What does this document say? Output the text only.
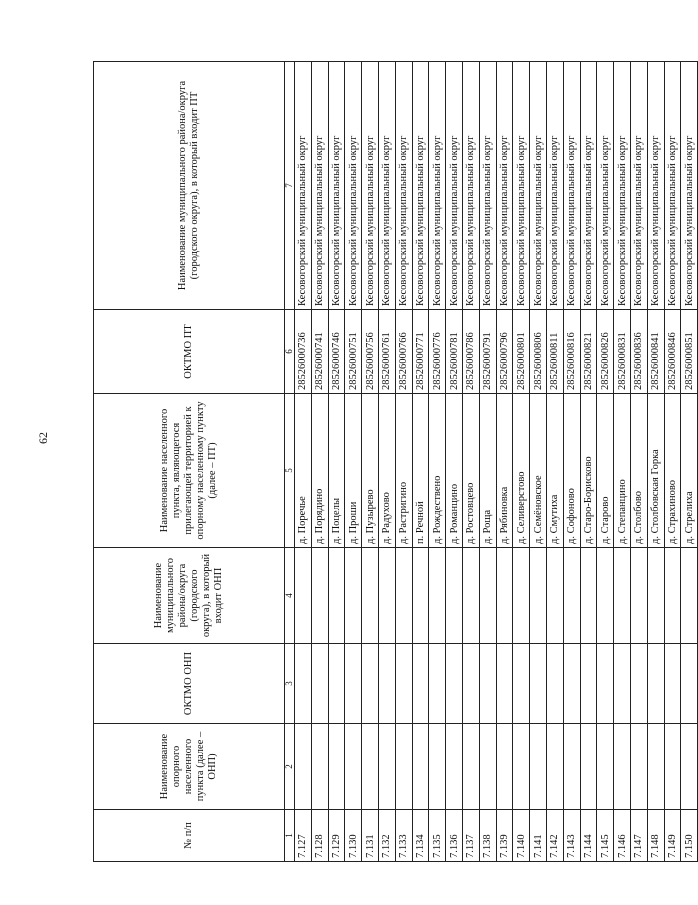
62
№ п/п	Наименование опорного населенного пункта (далее – ОНП)	ОКТМО ОНП	Наименование муниципального района/округа (городского округа), в который входит ОНП	Наименование населенного пункта, являющегося прилегающей территорией к опорному населенному пункту (далее – ПТ)	ОКТМО ПТ	Наименование муниципального района/округа (городского округа), в который входит ПТ
1	2	3	4	5	6	7
7.127				д. Поречье	28526000736	Кесовогорский муниципальный округ
7.128				д. Порядино	28526000741	Кесовогорский муниципальный округ
7.129				д. Поцелы	28526000746	Кесовогорский муниципальный округ
7.130				д. Проши	28526000751	Кесовогорский муниципальный округ
7.131				д. Пузырево	28526000756	Кесовогорский муниципальный округ
7.132				д. Радухово	28526000761	Кесовогорский муниципальный округ
7.133				д. Растригино	28526000766	Кесовогорский муниципальный округ
7.134				п. Речной	28526000771	Кесовогорский муниципальный округ
7.135				д. Рождествено	28526000776	Кесовогорский муниципальный округ
7.136				д. Романцино	28526000781	Кесовогорский муниципальный округ
7.137				д. Ростовцево	28526000786	Кесовогорский муниципальный округ
7.138				д. Роща	28526000791	Кесовогорский муниципальный округ
7.139				д. Рябиновка	28526000796	Кесовогорский муниципальный округ
7.140				д. Селиверстово	28526000801	Кесовогорский муниципальный округ
7.141				д. Семёновское	28526000806	Кесовогорский муниципальный округ
7.142				д. Смутиха	28526000811	Кесовогорский муниципальный округ
7.143				д. Софоново	28526000816	Кесовогорский муниципальный округ
7.144				д. Старо-Борисково	28526000821	Кесовогорский муниципальный округ
7.145				д. Старово	28526000826	Кесовогорский муниципальный округ
7.146				д. Степанцино	28526000831	Кесовогорский муниципальный округ
7.147				д. Столбово	28526000836	Кесовогорский муниципальный округ
7.148				д. Столбовская Горка	28526000841	Кесовогорский муниципальный округ
7.149				д. Страхиново	28526000846	Кесовогорский муниципальный округ
7.150				д. Стрелиха	28526000851	Кесовогорский муниципальный округ
